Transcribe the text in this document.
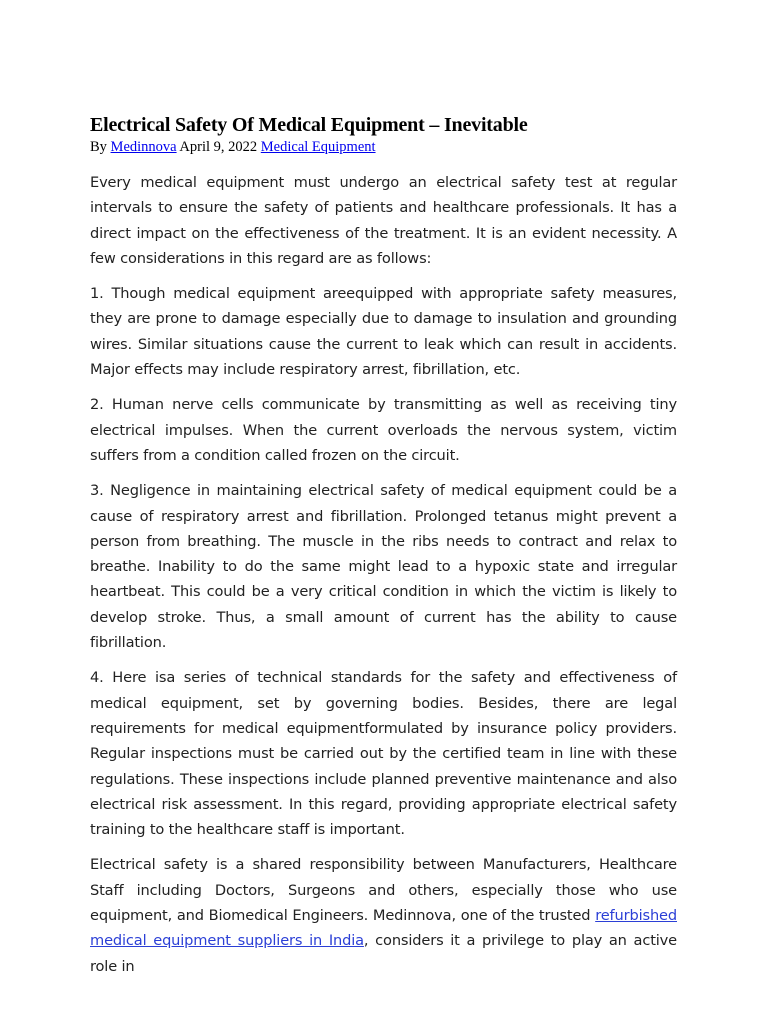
Electrical Safety Of Medical Equipment – Inevitable
By Medinnova April 9, 2022 Medical Equipment

Every medical equipment must undergo an electrical safety test at regular intervals to ensure the safety of patients and healthcare professionals. It has a direct impact on the effectiveness of the treatment. It is an evident necessity. A few considerations in this regard are as follows:

1. Though medical equipment areequipped with appropriate safety measures, they are prone to damage especially due to damage to insulation and grounding wires. Similar situations cause the current to leak which can result in accidents. Major effects may include respiratory arrest, fibrillation, etc.

2. Human nerve cells communicate by transmitting as well as receiving tiny electrical impulses. When the current overloads the nervous system, victim suffers from a condition called frozen on the circuit.

3. Negligence in maintaining electrical safety of medical equipment could be a cause of respiratory arrest and fibrillation. Prolonged tetanus might prevent a person from breathing. The muscle in the ribs needs to contract and relax to breathe. Inability to do the same might lead to a hypoxic state and irregular heartbeat. This could be a very critical condition in which the victim is likely to develop stroke. Thus, a small amount of current has the ability to cause fibrillation.

4. Here isa series of technical standards for the safety and effectiveness of medical equipment, set by governing bodies. Besides, there are legal requirements for medical equipmentformulated by insurance policy providers. Regular inspections must be carried out by the certified team in line with these regulations. These inspections include planned preventive maintenance and also electrical risk assessment. In this regard, providing appropriate electrical safety training to the healthcare staff is important.

Electrical safety is a shared responsibility between Manufacturers, Healthcare Staff including Doctors, Surgeons and others, especially those who use equipment, and Biomedical Engineers. Medinnova, one of the trusted refurbished medical equipment suppliers in India, considers it a privilege to play an active role in
